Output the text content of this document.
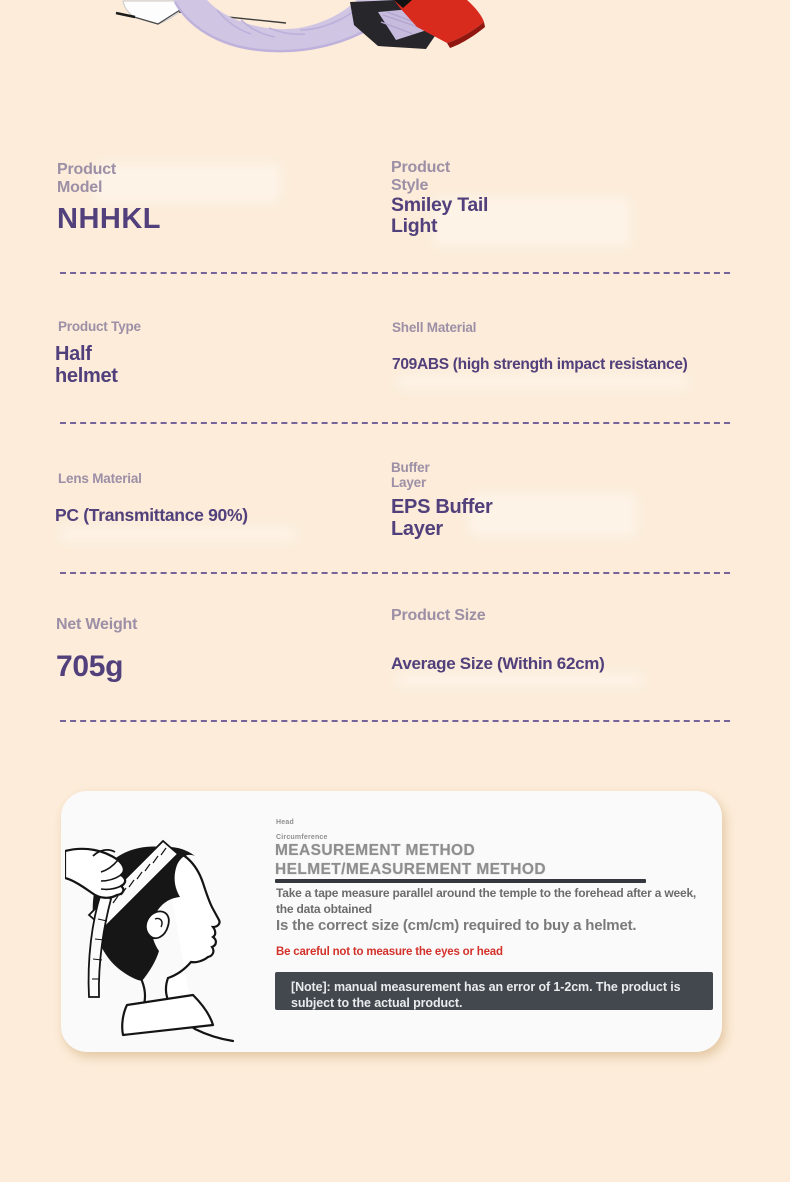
Product Model
NHHKL
Product Style
Smiley Tail Light
Product Type
Half helmet
Shell Material
709ABS (high strength impact resistance)
Lens Material
PC (Transmittance 90%)
Buffer Layer
EPS Buffer Layer
Net Weight
705g
Product Size
Average Size (Within 62cm)
Head
Circumference
MEASUREMENT METHOD
HELMET/MEASUREMENT METHOD
Take a tape measure parallel around the temple to the forehead after a week, the data obtained
Is the correct size (cm/cm) required to buy a helmet.
Be careful not to measure the eyes or head
[Note]: manual measurement has an error of 1-2cm. The product is subject to the actual product.
